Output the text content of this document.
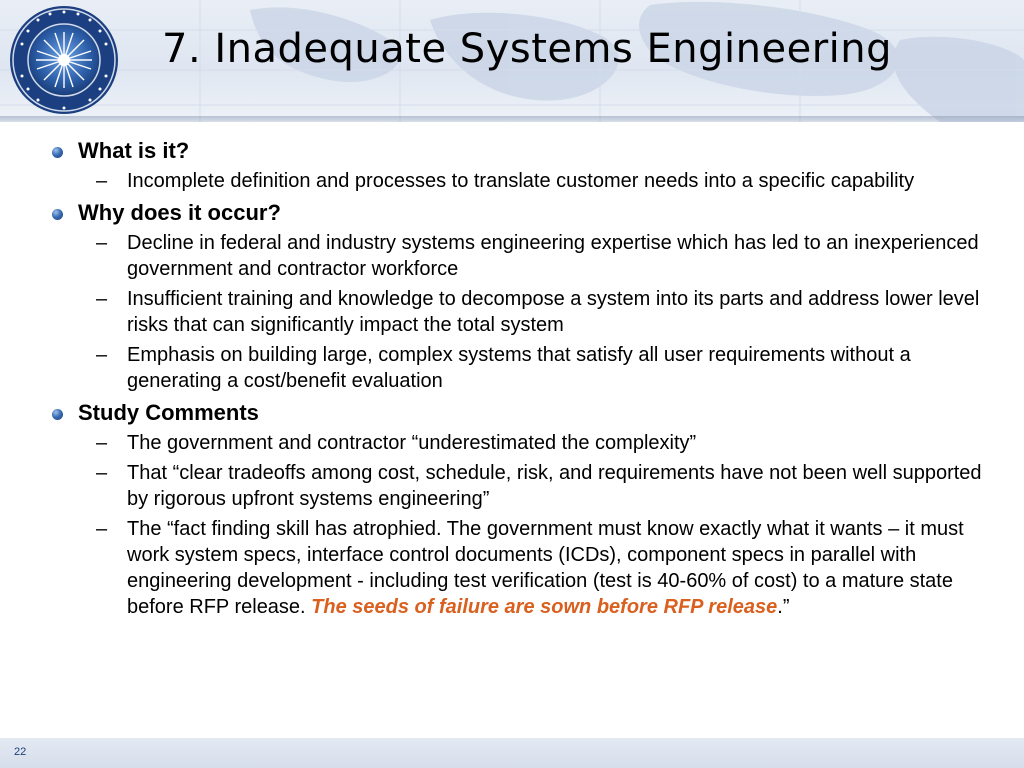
7. Inadequate Systems Engineering
What is it?
– Incomplete definition and processes to translate customer needs into a specific capability
Why does it occur?
– Decline in federal and industry systems engineering expertise which has led to an inexperienced government and contractor workforce
– Insufficient training and knowledge to decompose a system into its parts and address lower level risks that can significantly impact the total system
– Emphasis on building large, complex systems that satisfy all user requirements without a generating a cost/benefit evaluation
Study Comments
– The government and contractor “underestimated the complexity”
– That “clear tradeoffs among cost, schedule, risk, and requirements have not been well supported by rigorous upfront systems engineering”
– The “fact finding skill has atrophied. The government must know exactly what it wants – it must work system specs, interface control documents (ICDs), component specs in parallel with engineering development - including test verification (test is 40-60% of cost) to a mature state before RFP release. The seeds of failure are sown before RFP release.”
22
